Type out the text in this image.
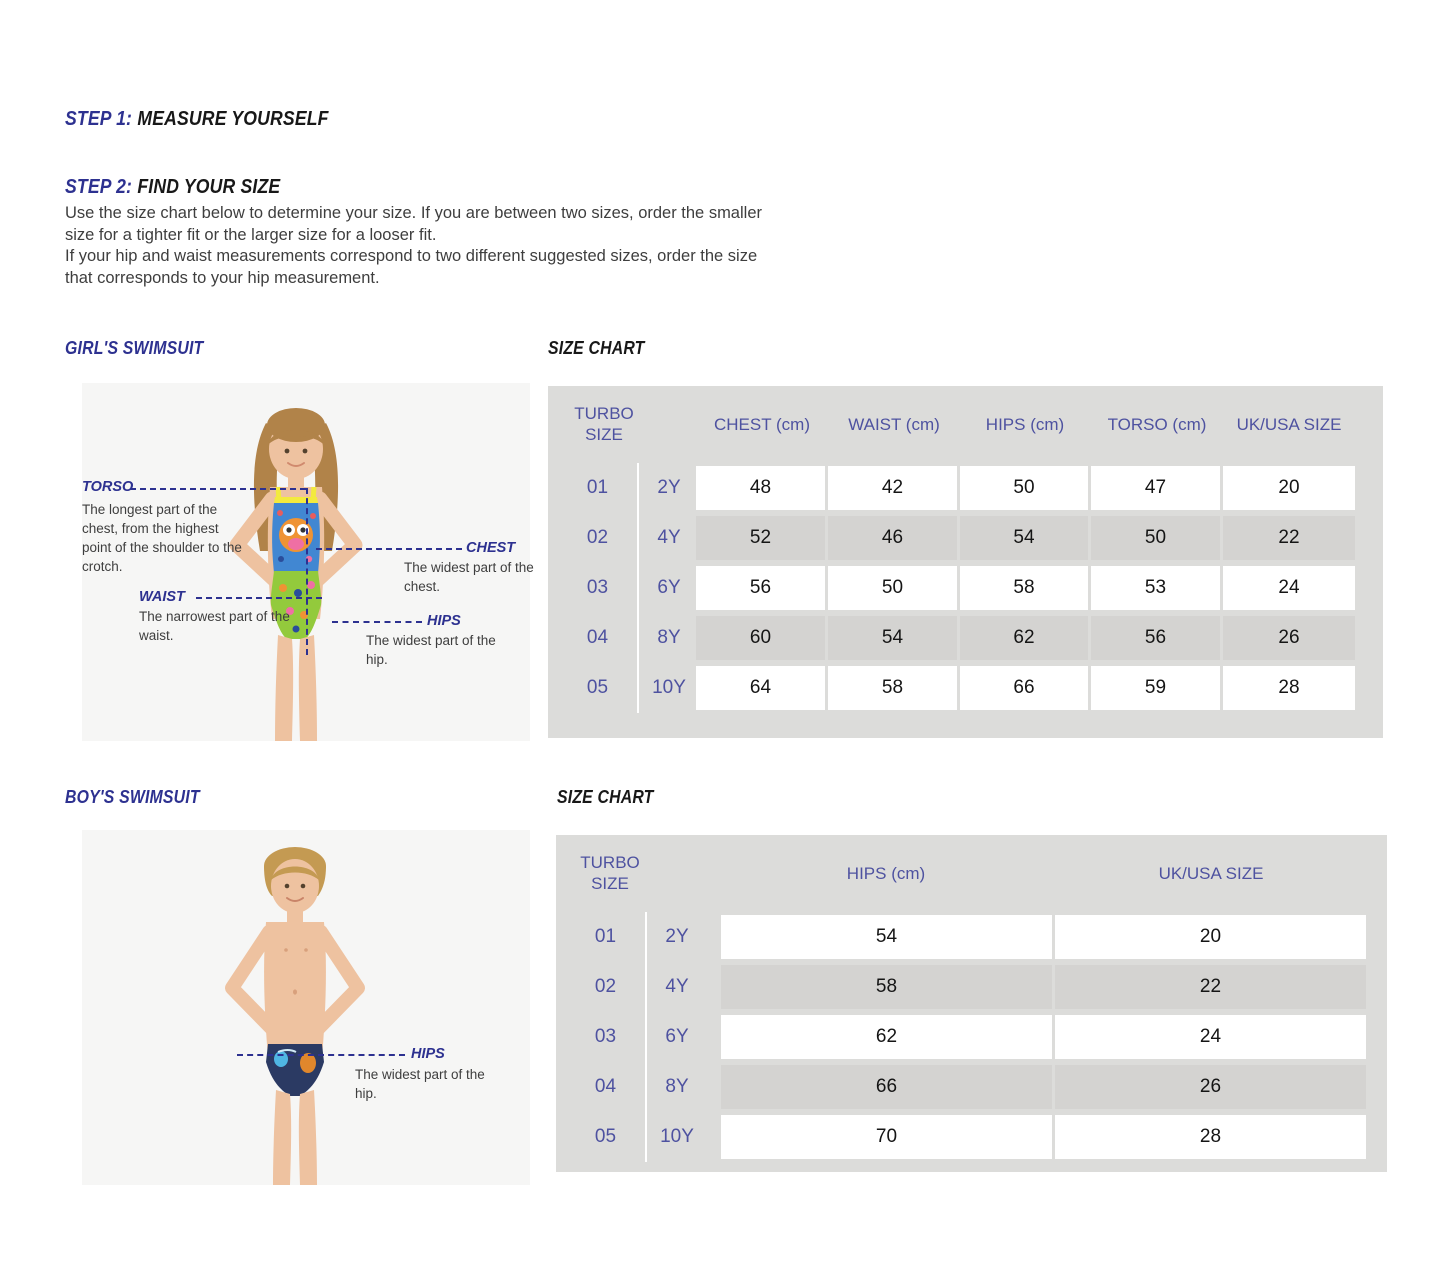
STEP 1: MEASURE YOURSELF
STEP 2: FIND YOUR SIZE
Use the size chart below to determine your size. If you are between two sizes, order the smaller
size for a tighter fit or the larger size for a looser fit.
If your hip and waist measurements correspond to two different suggested sizes, order the size
that corresponds to your hip measurement.
GIRL'S SWIMSUIT	SIZE CHART
TORSO
The longest part of the chest, from the highest point of the shoulder to the crotch.
CHEST
The widest part of the chest.
WAIST
The narrowest part of the waist.
HIPS
The widest part of the hip.
TURBO SIZE
CHEST (cm)	WAIST (cm)	HIPS (cm)	TORSO (cm)	UK/USA SIZE
01	2Y	48	42	50	47	20
02	4Y	52	46	54	50	22
03	6Y	56	50	58	53	24
04	8Y	60	54	62	56	26
05	10Y	64	58	66	59	28
BOY'S SWIMSUIT	SIZE CHART
HIPS
The widest part of the hip.
TURBO SIZE
HIPS (cm)	UK/USA SIZE
01	2Y	54	20
02	4Y	58	22
03	6Y	62	24
04	8Y	66	26
05	10Y	70	28
